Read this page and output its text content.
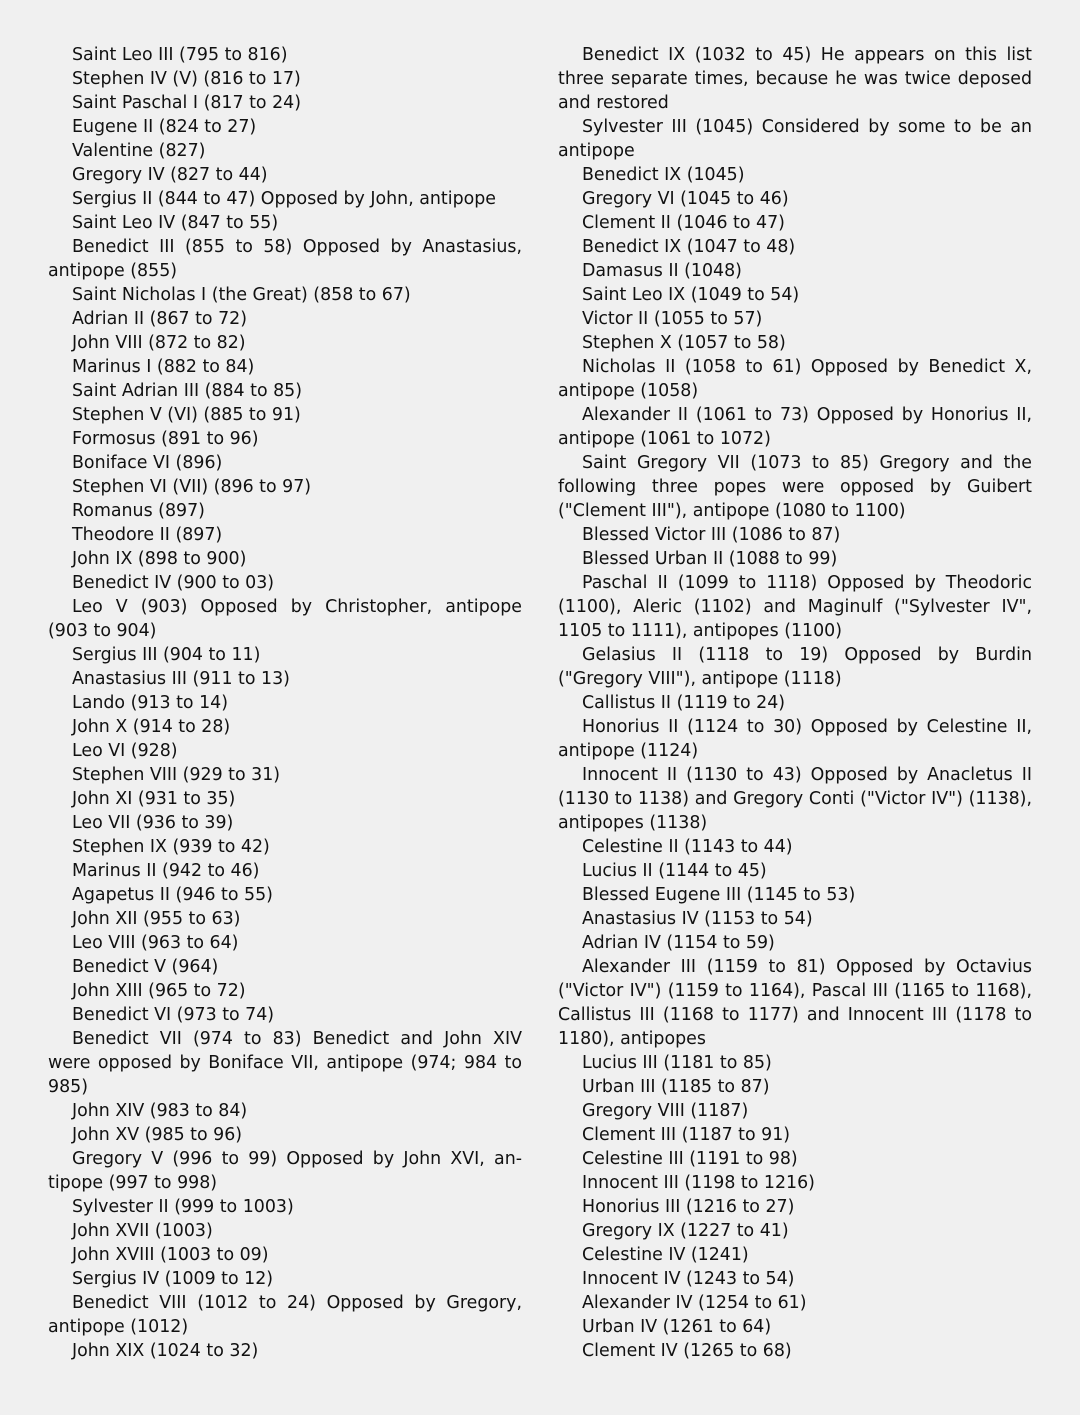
Saint Leo III (795 to 816)

Stephen IV (V) (816 to 17)

Saint Paschal I (817 to 24)

Eugene II (824 to 27)

Valentine (827)

Gregory IV (827 to 44)

Sergius II (844 to 47) Opposed by John, antipope

Saint Leo IV (847 to 55)

Benedict III (855 to 58) Opposed by Anastasius, antipope (855)

Saint Nicholas I (the Great) (858 to 67)

Adrian II (867 to 72)

John VIII (872 to 82)

Marinus I (882 to 84)

Saint Adrian III (884 to 85)

Stephen V (VI) (885 to 91)

Formosus (891 to 96)

Boniface VI (896)

Stephen VI (VII) (896 to 97)

Romanus (897)

Theodore II (897)

John IX (898 to 900)

Benedict IV (900 to 03)

Leo V (903) Opposed by Christopher, antipope (903 to 904)

Sergius III (904 to 11)

Anastasius III (911 to 13)

Lando (913 to 14)

John X (914 to 28)

Leo VI (928)

Stephen VIII (929 to 31)

John XI (931 to 35)

Leo VII (936 to 39)

Stephen IX (939 to 42)

Marinus II (942 to 46)

Agapetus II (946 to 55)

John XII (955 to 63)

Leo VIII (963 to 64)

Benedict V (964)

John XIII (965 to 72)

Benedict VI (973 to 74)

Benedict VII (974 to 83) Benedict and John XIV were opposed by Boniface VII, antipope (974; 984 to 985)

John XIV (983 to 84)

John XV (985 to 96)

Gregory V (996 to 99) Opposed by John XVI, antipope (997 to 998)

Sylvester II (999 to 1003)

John XVII (1003)

John XVIII (1003 to 09)

Sergius IV (1009 to 12)

Benedict VIII (1012 to 24) Opposed by Gregory, antipope (1012)

John XIX (1024 to 32)

Benedict IX (1032 to 45) He appears on this list three separate times, because he was twice deposed and restored

Sylvester III (1045) Considered by some to be an antipope

Benedict IX (1045)

Gregory VI (1045 to 46)

Clement II (1046 to 47)

Benedict IX (1047 to 48)

Damasus II (1048)

Saint Leo IX (1049 to 54)

Victor II (1055 to 57)

Stephen X (1057 to 58)

Nicholas II (1058 to 61) Opposed by Benedict X, antipope (1058)

Alexander II (1061 to 73) Opposed by Honorius II, antipope (1061 to 1072)

Saint Gregory VII (1073 to 85) Gregory and the following three popes were opposed by Guibert ("Clement III"), antipope (1080 to 1100)

Blessed Victor III (1086 to 87)

Blessed Urban II (1088 to 99)

Paschal II (1099 to 1118) Opposed by Theodoric (1100), Aleric (1102) and Maginulf ("Sylvester IV", 1105 to 1111), antipopes (1100)

Gelasius II (1118 to 19) Opposed by Burdin ("Gregory VIII"), antipope (1118)

Callistus II (1119 to 24)

Honorius II (1124 to 30) Opposed by Celestine II, antipope (1124)

Innocent II (1130 to 43) Opposed by Anacletus II (1130 to 1138) and Gregory Conti ("Victor IV") (1138), antipopes (1138)

Celestine II (1143 to 44)

Lucius II (1144 to 45)

Blessed Eugene III (1145 to 53)

Anastasius IV (1153 to 54)

Adrian IV (1154 to 59)

Alexander III (1159 to 81) Opposed by Octavius ("Victor IV") (1159 to 1164), Pascal III (1165 to 1168), Callistus III (1168 to 1177) and Innocent III (1178 to 1180), antipopes

Lucius III (1181 to 85)

Urban III (1185 to 87)

Gregory VIII (1187)

Clement III (1187 to 91)

Celestine III (1191 to 98)

Innocent III (1198 to 1216)

Honorius III (1216 to 27)

Gregory IX (1227 to 41)

Celestine IV (1241)

Innocent IV (1243 to 54)

Alexander IV (1254 to 61)

Urban IV (1261 to 64)

Clement IV (1265 to 68)
